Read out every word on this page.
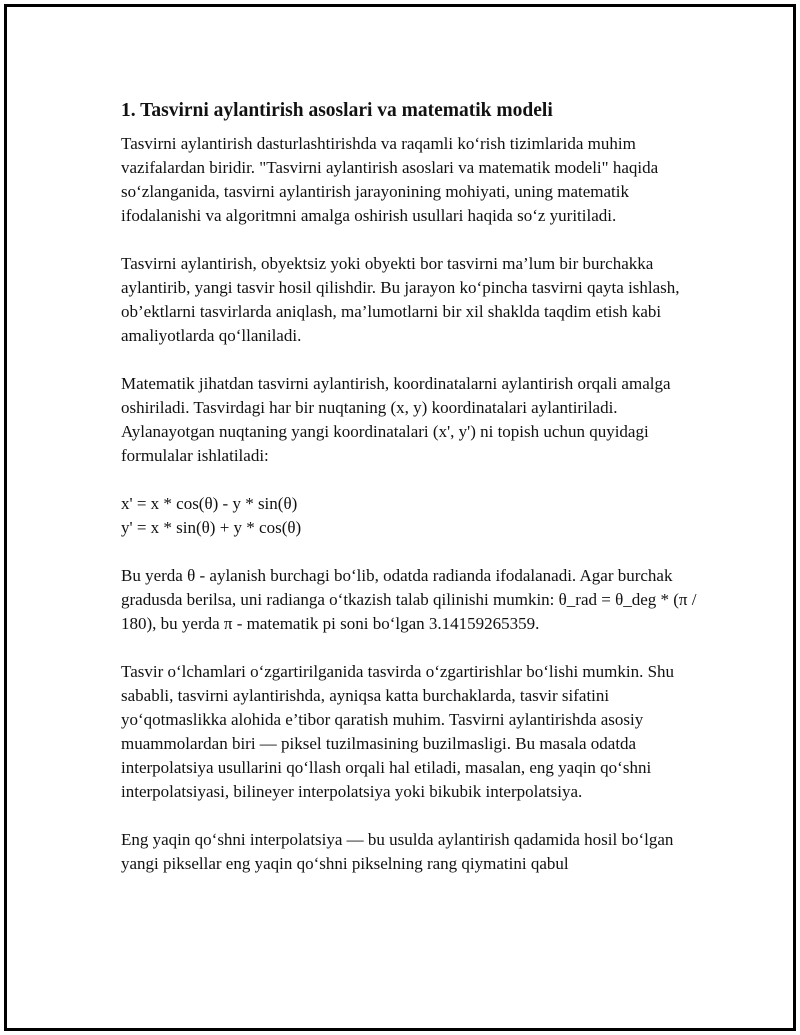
1. Tasvirni aylantirish asoslari va matematik modeli

Tasvirni aylantirish dasturlashtirishda va raqamli ko‘rish tizimlarida muhim vazifalardan biridir. "Tasvirni aylantirish asoslari va matematik modeli" haqida so‘zlanganida, tasvirni aylantirish jarayonining mohiyati, uning matematik ifodalanishi va algoritmni amalga oshirish usullari haqida so‘z yuritiladi.

Tasvirni aylantirish, obyektsiz yoki obyekti bor tasvirni ma’lum bir burchakka aylantirib, yangi tasvir hosil qilishdir. Bu jarayon ko‘pincha tasvirni qayta ishlash, ob’ektlarni tasvirlarda aniqlash, ma’lumotlarni bir xil shaklda taqdim etish kabi amaliyotlarda qo‘llaniladi.

Matematik jihatdan tasvirni aylantirish, koordinatalarni aylantirish orqali amalga oshiriladi. Tasvirdagi har bir nuqtaning (x, y) koordinatalari aylantiriladi. Aylanayotgan nuqtaning yangi koordinatalari (x', y') ni topish uchun quyidagi formulalar ishlatiladi:

x' = x * cos(θ) - y * sin(θ)
y' = x * sin(θ) + y * cos(θ)

Bu yerda θ - aylanish burchagi bo‘lib, odatda radianda ifodalanadi. Agar burchak gradusda berilsa, uni radianga o‘tkazish talab qilinishi mumkin: θ_rad = θ_deg * (π / 180), bu yerda π - matematik pi soni bo‘lgan 3.14159265359.

Tasvir o‘lchamlari o‘zgartirilganida tasvirda o‘zgartirishlar bo‘lishi mumkin. Shu sababli, tasvirni aylantirishda, ayniqsa katta burchaklarda, tasvir sifatini yo‘qotmaslikka alohida e’tibor qaratish muhim. Tasvirni aylantirishda asosiy muammolardan biri — piksel tuzilmasining buzilmasligi. Bu masala odatda interpolatsiya usullarini qo‘llash orqali hal etiladi, masalan, eng yaqin qo‘shni interpolatsiyasi, bilineyer interpolatsiya yoki bikubik interpolatsiya.

Eng yaqin qo‘shni interpolatsiya — bu usulda aylantirish qadamida hosil bo‘lgan yangi piksellar eng yaqin qo‘shni pikselning rang qiymatini qabul
